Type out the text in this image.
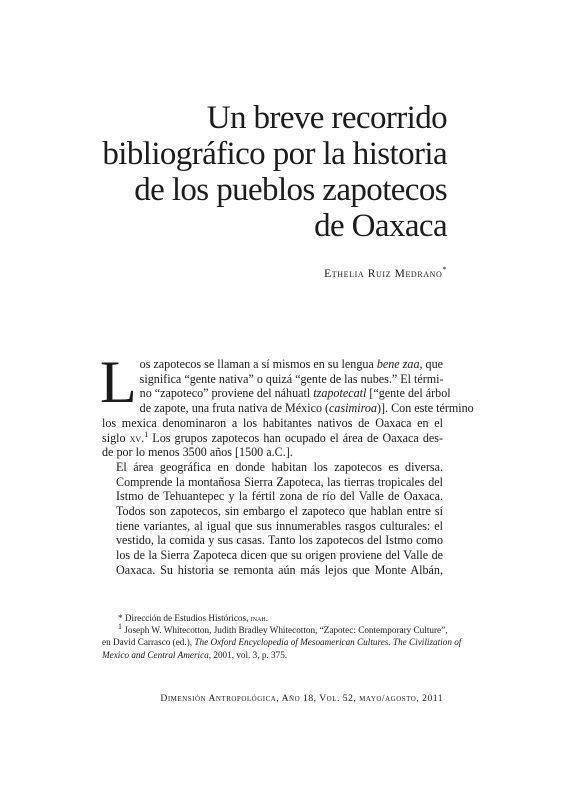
Un breve recorrido
bibliográfico por la historia
de los pueblos zapotecos
de Oaxaca
Ethelia Ruiz Medrano*

L os zapotecos se llaman a sí mismos en su lengua bene zaa, que
significa “gente nativa” o quizá “gente de las nubes.” El térmi-
no “zapoteco” proviene del náhuatl tzapotecatl [“gente del árbol
de zapote, una fruta nativa de México (casimiroa)]. Con este término
los mexica denominaron a los habitantes nativos de Oaxaca en el
siglo xv.$^1$ Los grupos zapotecos han ocupado el área de Oaxaca des-
de por lo menos 3500 años [1500 a.C.].

El área geográfica en donde habitan los zapotecos es diversa.
Comprende la montañosa Sierra Zapoteca, las tierras tropicales del
Istmo de Tehuantepec y la fértil zona de río del Valle de Oaxaca.
Todos son zapotecos, sin embargo el zapoteco que hablan entre sí
tiene variantes, al igual que sus innumerables rasgos culturales: el
vestido, la comida y sus casas. Tanto los zapotecos del Istmo como
los de la Sierra Zapoteca dicen que su origen proviene del Valle de
Oaxaca. Su historia se remonta aún más lejos que Monte Albán,

* Dirección de Estudios Históricos, inah.
1 Joseph W. Whitecotton, Judith Bradley Whitecotton, “Zapotec: Contemporary Culture”,
en David Carrasco (ed.), The Oxford Encyclopedia of Mesoamerican Cultures. The Civilization of
Mexico and Central America, 2001, vol. 3, p. 375.
Dimensión Antropológica, Año 18, Vol. 52, mayo/agosto, 2011
